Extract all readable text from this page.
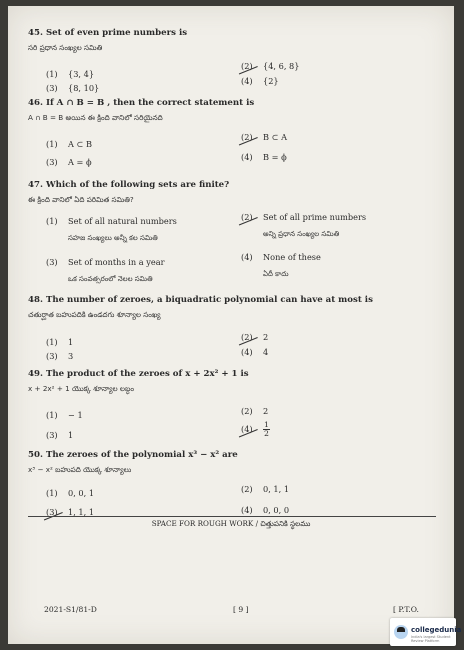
45. Set of even prime numbers is
సరి ప్రధాన సంఖ్యల సమితి
(1) {3, 4}
(2) {4, 6, 8}
(3) {8, 10}
(4) {2}
46. If A ∩ B = B , then the correct statement is
A ∩ B = B అయిన ఈ క్రింది వానిలో సరియైనది
(1) A ⊂ B
(2) B ⊂ A
(3) A = ϕ	(4) B = ϕ
47. Which of the following sets are finite?
ఈ క్రింది వానిలో ఏది పరిమిత సమితి?
(1) Set of all natural numbers
సహజ సంఖ్యలు అన్నీ కల సమితి
(2) Set of all prime numbers
అన్ని ప్రధాన సంఖ్యల సమితి
(3) Set of months in a year
ఒక సంవత్సరంలో నెలల సమితి
(4) None of these
ఏదీ కాదు
48. The number of zeroes, a biquadratic polynomial can have at most is
చతుర్ఘాత బహుపదికి ఉండదగు శూన్యాల సంఖ్య
(1) 1	(2) 2
(3) 3	(4) 4
49. The product of the zeroes of x + 2x² + 1 is
x + 2x² + 1 యొక్క శూన్యాల లబ్ధం
(1) − 1	(2) 2
(3) 1
$(4) \frac{1}{2}$
50. The zeroes of the polynomial x³ − x² are
x³ − x² బహుపది యొక్క శూన్యాలు
(1) 0, 0, 1	(2) 0, 1, 1
(3) 1, 1, 1	(4) 0, 0, 0
SPACE FOR ROUGH WORK / చిత్తుపనికి స్థలము
2021-S1/81-D	[ 9 ]	[ P.T.O.
collegedunia
India's largest Student Review Platform
